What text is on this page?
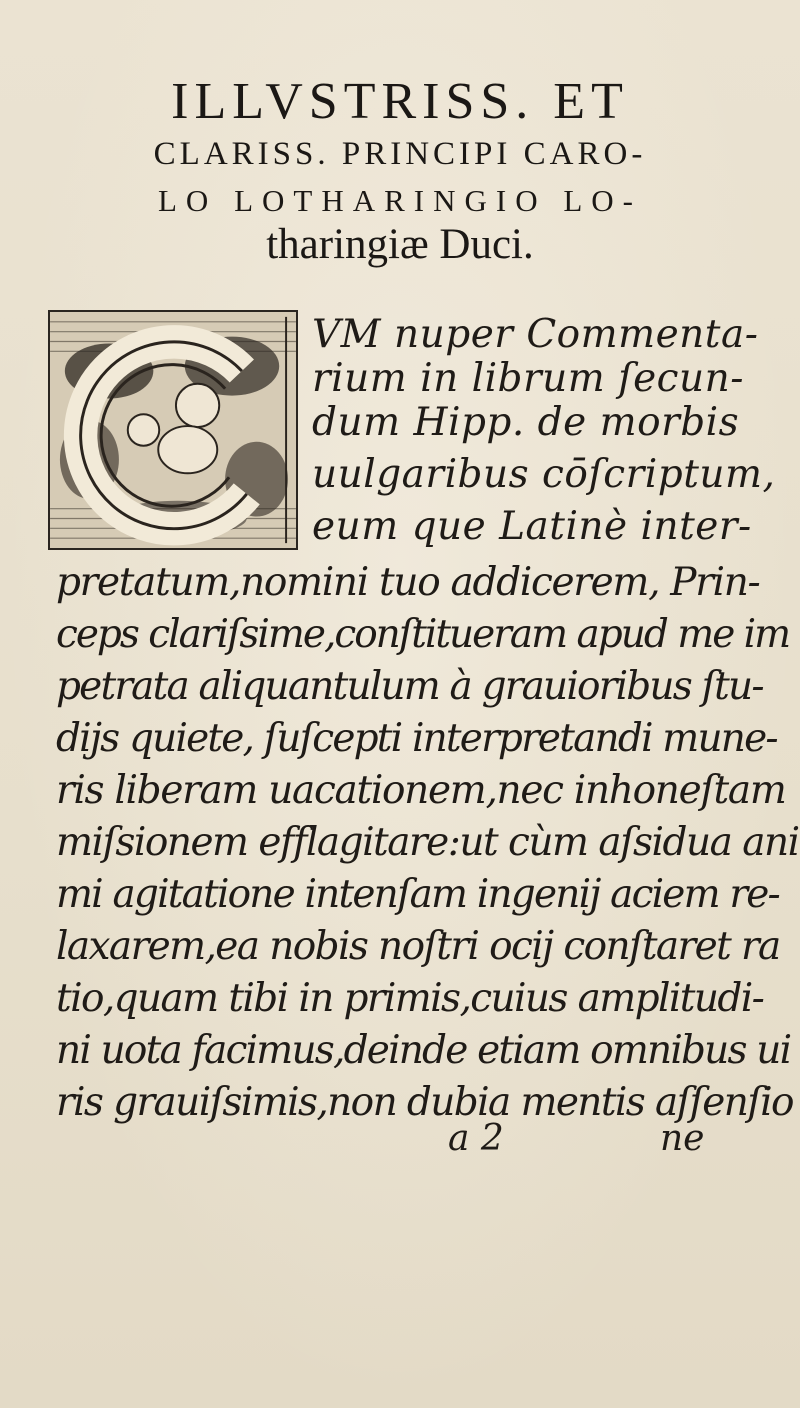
ILLVSTRISS. ET
CLARISS. PRINCIPI CARO-
LO LOTHARINGIO LO-
tharingiæ Duci.
VM nuper Commenta-
rium in librum ſecun-
dum Hipp. de morbis
uulgaribus cōſcriptum,
eum que Latinè inter-
pretatum,nomini tuo addicerem, Prin-
ceps clariſsime,conſtitueram apud me im
petrata aliquantulum à grauioribus ſtu-
dijs quiete, ſuſcepti interpretandi mune-
ris liberam uacationem,nec inhoneſtam
miſsionem efflagitare:ut cùm aſsidua ani
mi agitatione intenſam ingenij aciem re-
laxarem,ea nobis noſtri ocij conſtaret ra
tio,quam tibi in primis,cuius amplitudi-
ni uota facimus,deinde etiam omnibus ui
ris grauiſsimis,non dubia mentis aſſenſio
a 2	ne
